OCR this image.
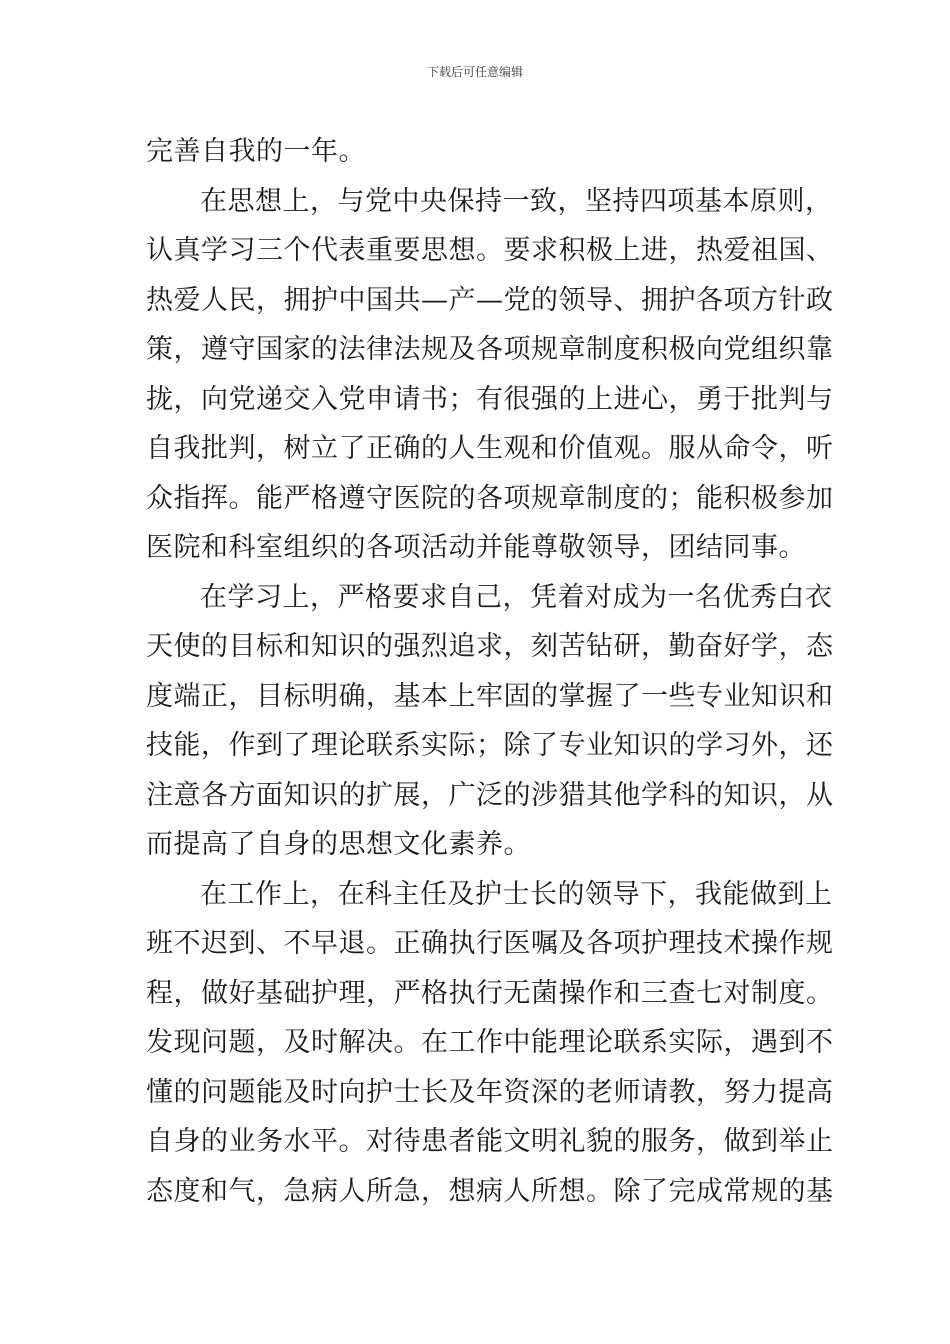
下载后可任意编辑
完善自我的一年。
在思想上，与党中央保持一致，坚持四项基本原则，
认真学习三个代表重要思想。要求积极上进，热爱祖国、
热爱人民，拥护中国共—产—党的领导、拥护各项方针政
策，遵守国家的法律法规及各项规章制度积极向党组织靠
拢，向党递交入党申请书；有很强的上进心，勇于批判与
自我批判，树立了正确的人生观和价值观。服从命令，听
众指挥。能严格遵守医院的各项规章制度的；能积极参加
医院和科室组织的各项活动并能尊敬领导，团结同事。
在学习上，严格要求自己，凭着对成为一名优秀白衣
天使的目标和知识的强烈追求，刻苦钻研，勤奋好学，态
度端正，目标明确，基本上牢固的掌握了一些专业知识和
技能，作到了理论联系实际；除了专业知识的学习外，还
注意各方面知识的扩展，广泛的涉猎其他学科的知识，从
而提高了自身的思想文化素养。
在工作上，在科主任及护士长的领导下，我能做到上
班不迟到、不早退。正确执行医嘱及各项护理技术操作规
程，做好基础护理，严格执行无菌操作和三查七对制度。
发现问题，及时解决。在工作中能理论联系实际，遇到不
懂的问题能及时向护士长及年资深的老师请教，努力提高
自身的业务水平。对待患者能文明礼貌的服务，做到举止
态度和气，急病人所急，想病人所想。除了完成常规的基
